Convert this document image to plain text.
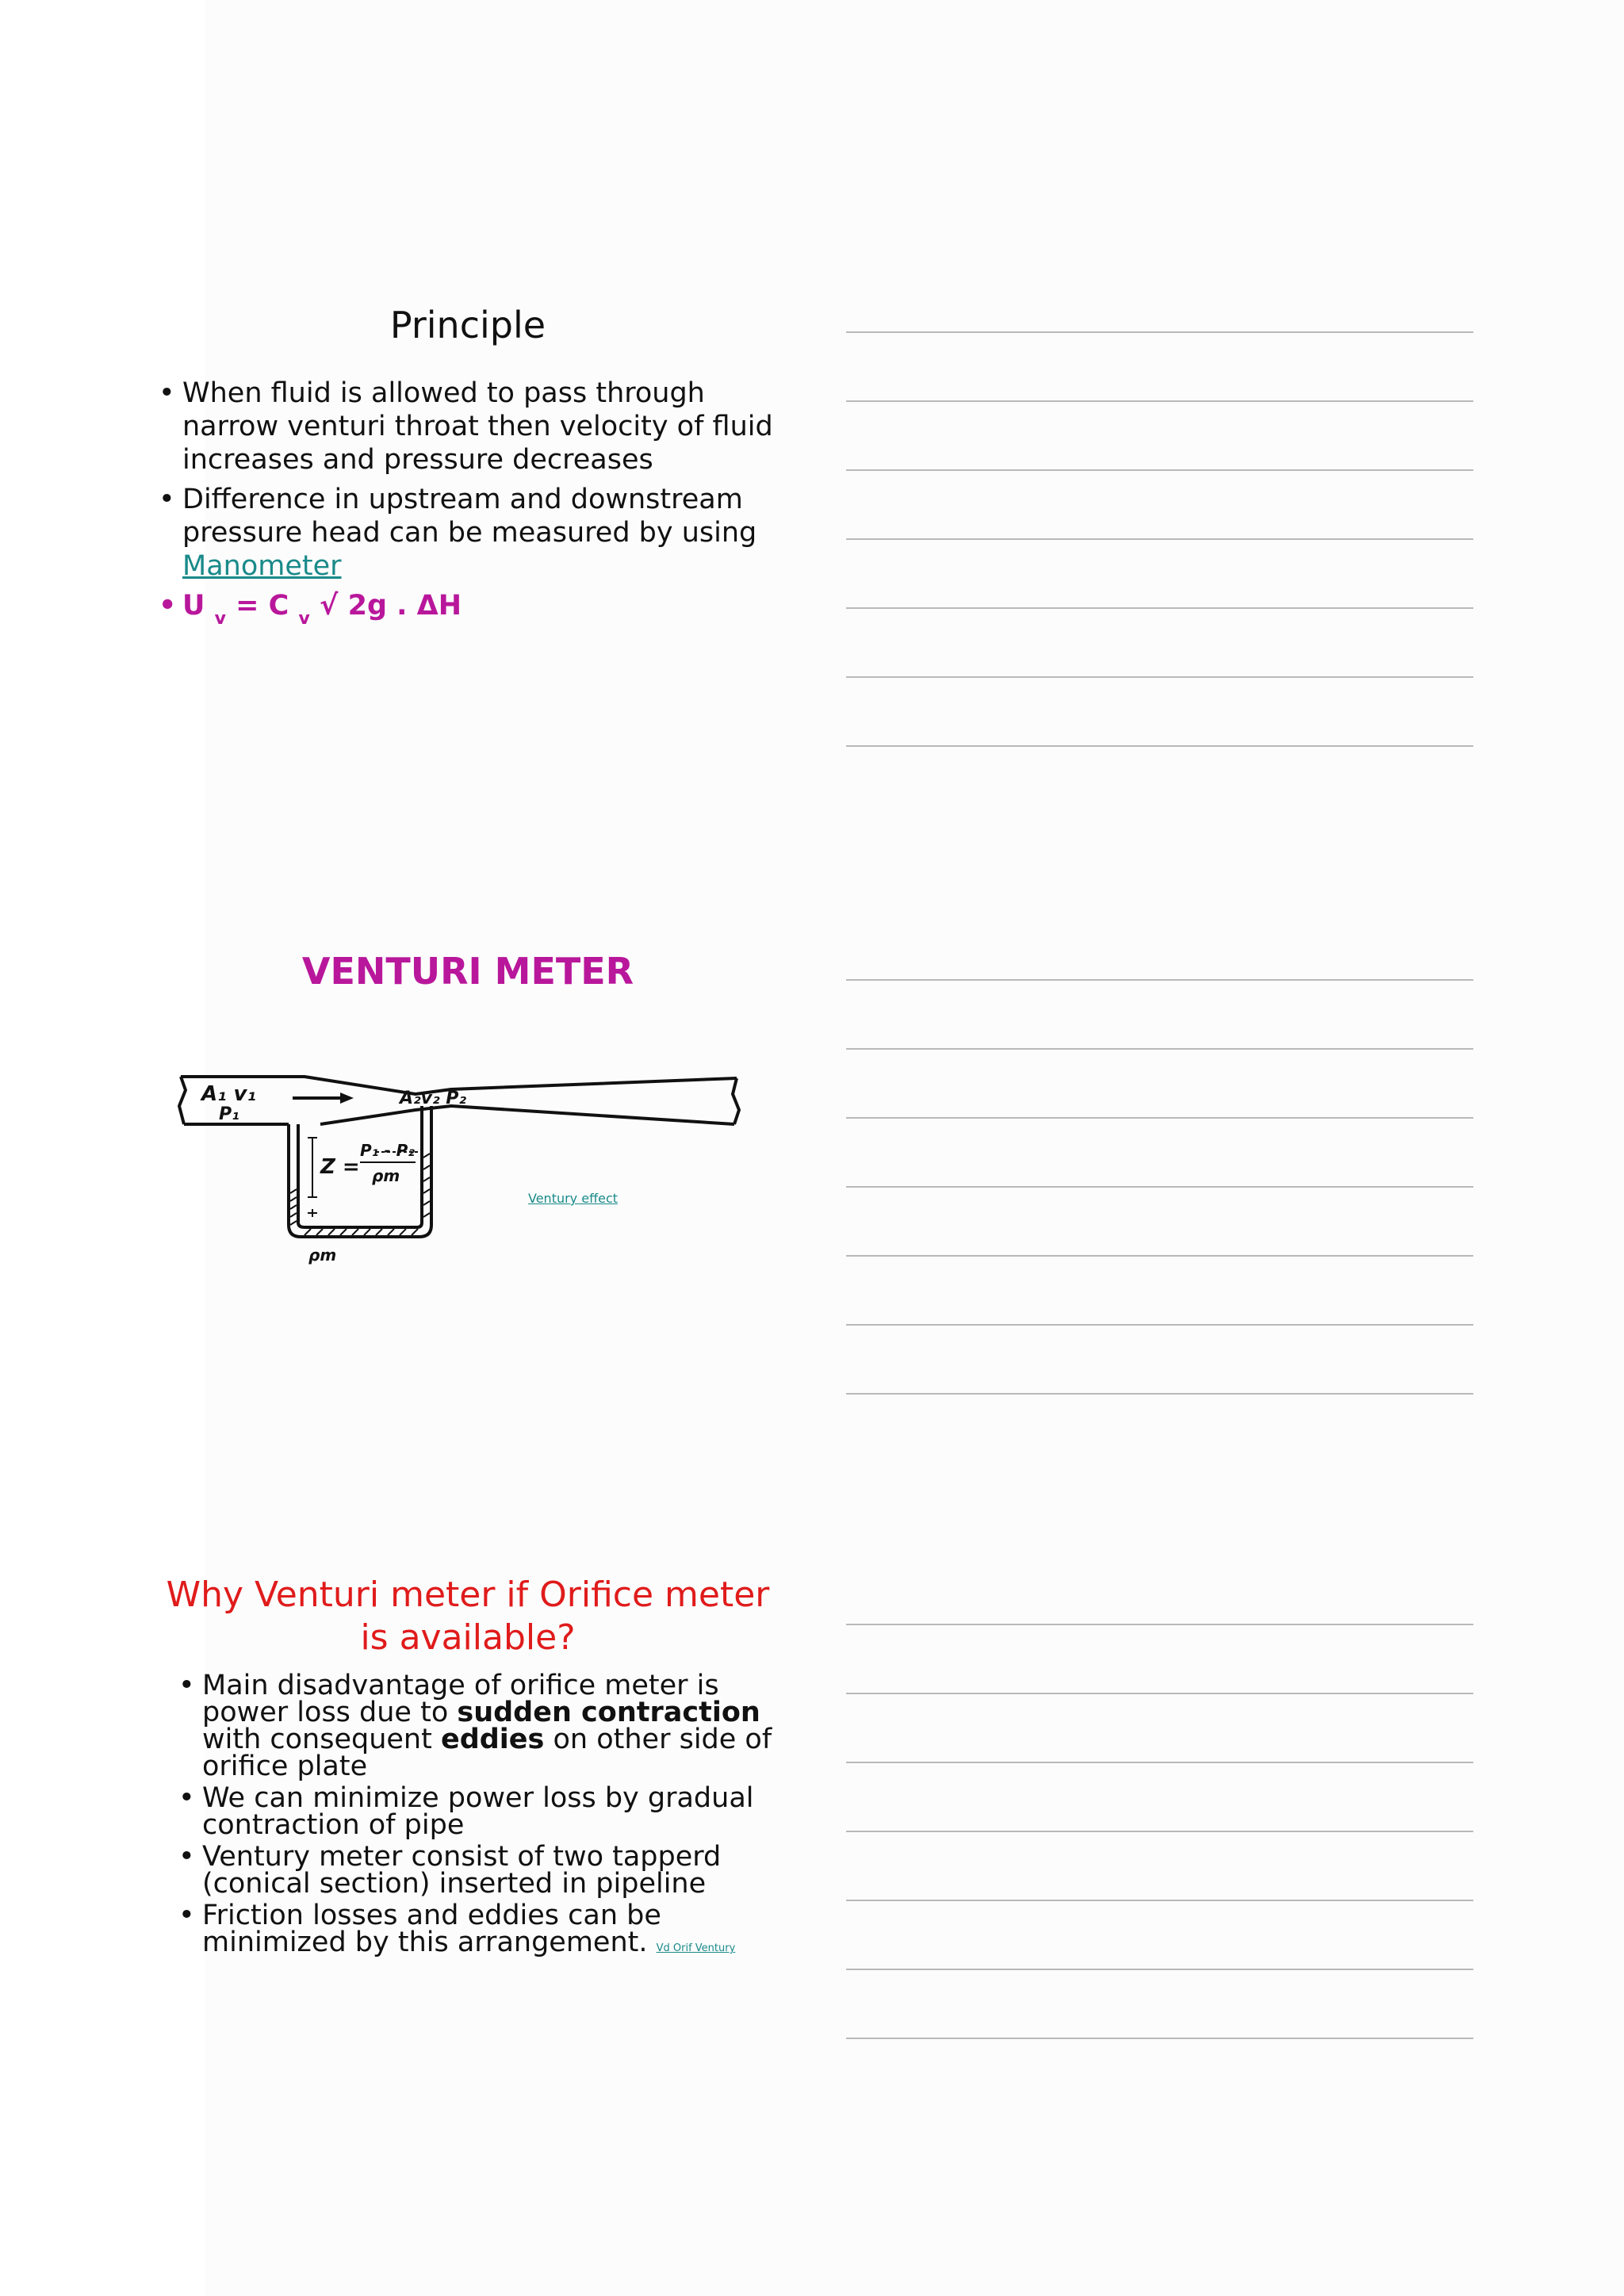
Principle
• When fluid is allowed to pass through narrow venturi throat then velocity of fluid increases and pressure decreases
• Difference in upstream and downstream pressure head can be measured by using Manometer
• U $_v$ = C $_v$ √ 2g . ΔH
VENTURI METER
A₁ v₁
P₁
A₂v₂ P₂
Z =
P₁ - P₂
ρm
ρm
Ventury effect
Why Venturi meter if Orifice meter is available?
• Main disadvantage of orifice meter is power loss due to sudden contraction with consequent eddies on other side of orifice plate
• We can minimize power loss by gradual contraction of pipe
• Ventury meter consist of two tapperd (conical section) inserted in pipeline
• Friction losses and eddies can be minimized by this arrangement. Vd Orif Ventury
